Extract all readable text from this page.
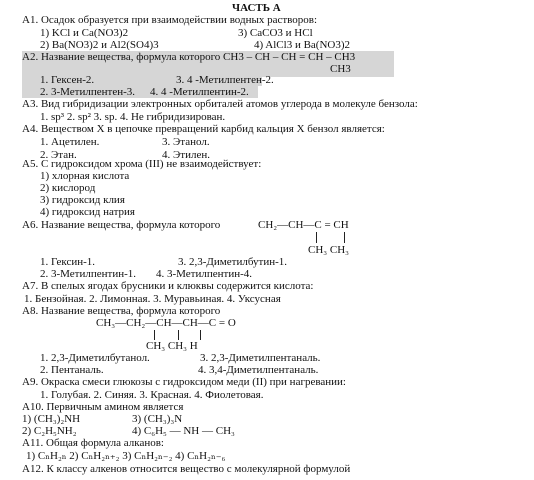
ЧАСТЬ А
A1. Осадок образуется при взаимодействии водных растворов:
1) KCl и Ca(NO3)2	3) CaCO3 и HCl
2) Ba(NO3)2 и Al2(SO4)3	4) AlCl3 и Ba(NO3)2
A2. Название вещества, формула которого CH3 – CH – CH = CH – CH3
CH3
1. Гексен-2.	3. 4 -Метилпентен-2.
2. 3-Метилпентен-3. 4. 4 -Метилпентин-2.
A3. Вид гибридизации электронных орбиталей атомов углерода в молекуле бензола:
1. sp³ 2. sp² 3. sp. 4. Не гибридизирован.
A4. Веществом X в цепочке превращений карбид кальция X бензол является:
1. Ацетилен.	3. Этанол.
2. Этан.	4. Этилен.
A5. С гидроксидом хрома (III) не взаимодействует:
1) хлорная кислота
2) кислород
3) гидроксид клия
4) гидроксид натрия
A6. Название вещества, формула которого	CH₂—CH—C = CH
CH₃ CH₃
1. Гексин-1.	3. 2,3-Диметилбутин-1.
2. 3-Метилпентин-1. 4. 3-Метилпентин-4.
A7. В спелых ягодах брусники и клюквы содержится кислота:
1. Бензойная. 2. Лимонная. 3. Муравьиная. 4. Уксусная
A8. Название вещества, формула которого
CH₃—CH₂—CH—CH—C = O
CH₃ CH₃ H
1. 2,3-Диметилбутанол.	3. 2,3-Диметилпентаналь.
2. Пентаналь.	4. 3,4-Диметилпентаналь.
A9. Окраска смеси глюкозы с гидроксидом меди (II) при нагревании:
1. Голубая. 2. Синяя. 3. Красная. 4. Фиолетовая.
A10. Первичным амином является
1) (CH₃)₂NH	3) (CH₃)₃N
2) C₂H₅NH₂	4) C₆H₅ — NH — CH₃
A11. Общая формула алканов:
1) CₙH₂ₙ 2) CₙH₂ₙ₊₂ 3) CₙH₂ₙ₋₂ 4) CₙH₂ₙ₋₆
A12. К классу алкенов относится вещество с молекулярной формулой
